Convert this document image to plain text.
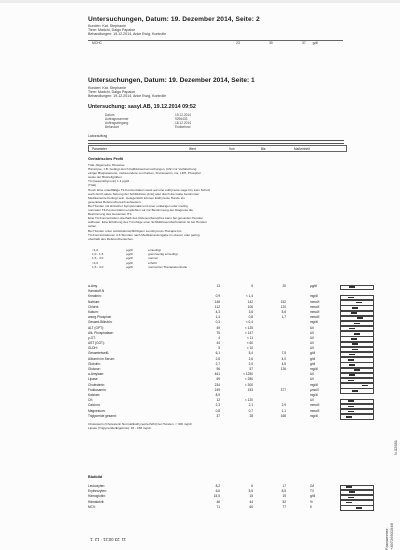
Untersuchungen, Datum: 19. Dezember 2014, Seite: 2
Kunden: Kat. Stephanie
Tiere: Madchi, Dalgo Papaion
Behandlungen: 19.12.2014, Anke Ewig, Kontrolle
MCHC	23	30	37 g/dl
Untersuchungen, Datum: 19. Dezember 2014, Seite: 1
Kunden: Kat. Stephanie
Tiere: Madchi, Dalgo Papaion
Behandlungen: 19.12.2014, Anke Ewig, Kontrolle
Untersuchung: sasyl.AB, 19.12.2014 09:52
Datum	19.12.2014
Auftragsnummer	9296433
Auftragseingang	18.12.2014
Befundart	Endbefund
Laborauftrag
Parameter	Wert	Von	Bis	Maßeinheit
Geriatrisches Profil
T4al. Allgemeine Hinweise:
Hämolyse, z.B. bedingt durch Fallblutwertversuchungen, führt zur Verfälschung
einiger Blutparameter, insbesondere von Kalium, Fruktosamin, Ca, LDH, Phosphor
sowie der Blutzellgrößen.
T4 (Gesamtthyroxin) 1 4 µg/dl
(T4al)
Hund: Eine unauffällige T4-Konzentration weist auf eine euthyreote Lage hin, kein Schutz
auch durch akute Störung der Schilddrüse (Anti) oder durch die Gabe bestimmter
Medikamente bedingt sein. Gelegentlich können Euthyreote Hunde ein
gesenktes Referenzbereich aufweisen.
Bei Hunden mit klinischer Symptomatik und einer unklarigen oder niedrig
normalen T4-Konzentration empfehlen wir zur Bestimmung der Diagnose die
Bestimmung des Gesamten fT4.
Eine T4-Konzentration oberhalb des Referenzbereiches kann bei gesunden Hunden
auftreten. Eine Erhöhung des T4 infolge einer Schilddrüsenüberfunktion ist bei Hunden
selten.
Bei Hunden unter substitutionspflichtigem Levothyroxin-Therapie bis
T4-Konzentrationen 4-6 Stunden nach Medikamentengabe im oberen oder gering
oberhalb des Referenzbereiches.
<1,0	µg/dl	erniedrigt
1,0 - 1,5	µg/dl	grenzwertig erniedrigt
1,5 - 4,0	µg/dl	normal
>4,0	µg/dl	erhöht
1,5 - 4,0	µg/dl	normal bei Therapiekontrolle
a-Amy	13	5	20	µg/dl
Harnstoff-N
Kreatinin:	0,9	< 1,4	mg/dl
Natrium:	148	142	152	mmol/l
Chlorid:	112	106	120	mmol/l
Kalium:	4,3	3,6	5,6	mmol/l
anorg.Phosphat:	1,4	0,8	1,7	mmol/l
Gesamt-Bilirubin:	0,3	< 0,4	mg/dl
ALT (GPT):	49	< 125	U/l
Alk. Phosphatase:	75	< 147	U/l
y-GT:	4	< 11	U/l
AST (GOT):	44	< 60	U/l
GLDH:	5	< 10	U/l
Gesamteiweiß:	6,1	5,4	7,5	g/dl
Albumin im Serum:	2,8	2,6	4,0	g/dl
Globulin:	2,7	2,0	4,5	g/dl
Glukose:	96	57	126	mg/dl
a-Amylase:	461	< 1250	U/l
Lipase:	69	< 280	U/l
Cholesterin:	234	< 300	mg/dl
Fruktosamin:	249	153	377	µmol/l
Kalzium:	8,9	mg/dl
CK:	12	< 120	U/l
Calcium:	2,3	2,1	2,9	mmol/l
Magnesium:	0,8	0,7	1,1	mmol/l
Triglyceride gesamt:	37	28	168	mg/dl
Cholesterin (Cholesterin Normal/Euthyreot/erhöht) bei Hunden: < 300 mg/dl
Lipase (Triglyceride/Ergebnis): 18 - 158 mg/dl
Blutbild
Leukozyten:	8,2	6	17	G/l
Erythrozyten:	6,6	5,5	8,5	T/l
Hämoglobin:	15,5	15	19	g/dl
Hämatokrit:	46	44	52	%
MCV:	71	60	77	fl
11 :23 00:21 · 12 :1	Faxnummer: +49726501946
N.02581
